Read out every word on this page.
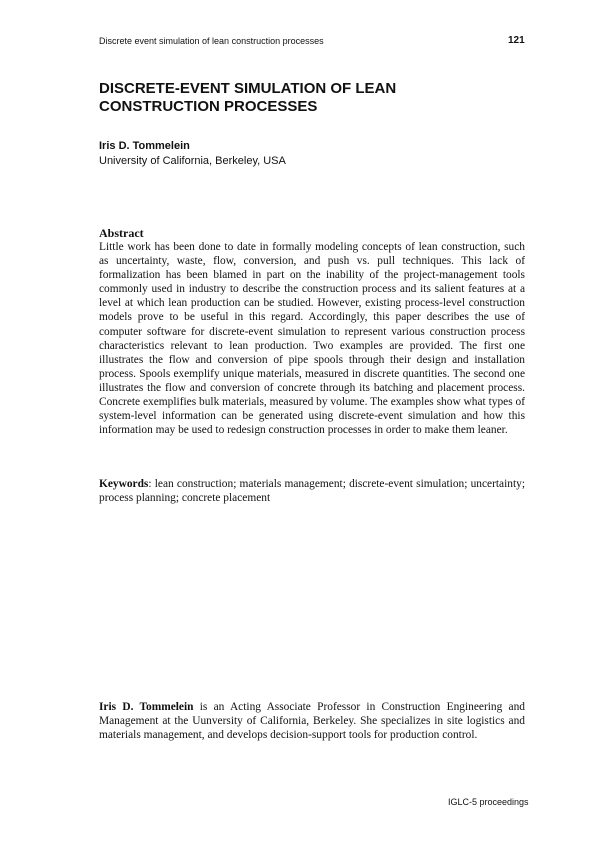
Discrete event simulation of lean construction processes	121
DISCRETE-EVENT SIMULATION OF LEAN CONSTRUCTION PROCESSES
Iris D. Tommelein
University of California, Berkeley, USA
Abstract

Little work has been done to date in formally modeling concepts of lean construction, such as uncertainty, waste, flow, conversion, and push vs. pull techniques. This lack of formalization has been blamed in part on the inability of the project-management tools commonly used in industry to describe the construction process and its salient features at a level at which lean production can be studied. However, existing process-level construction models prove to be useful in this regard. Accordingly, this paper describes the use of computer software for discrete-event simulation to represent various construction process characteristics relevant to lean production. Two examples are provided. The first one illustrates the flow and conversion of pipe spools through their design and installation process. Spools exemplify unique materials, measured in discrete quantities. The second one illustrates the flow and conversion of concrete through its batching and placement process. Concrete exemplifies bulk materials, measured by volume. The examples show what types of system-level information can be generated using discrete-event simulation and how this information may be used to redesign construction processes in order to make them leaner.

Keywords: lean construction; materials management; discrete-event simulation; uncertainty; process planning; concrete placement

Iris D. Tommelein is an Acting Associate Professor in Construction Engineering and Management at the Uunversity of California, Berkeley. She specializes in site logistics and materials management, and develops decision-support tools for production control.

IGLC-5 proceedings
